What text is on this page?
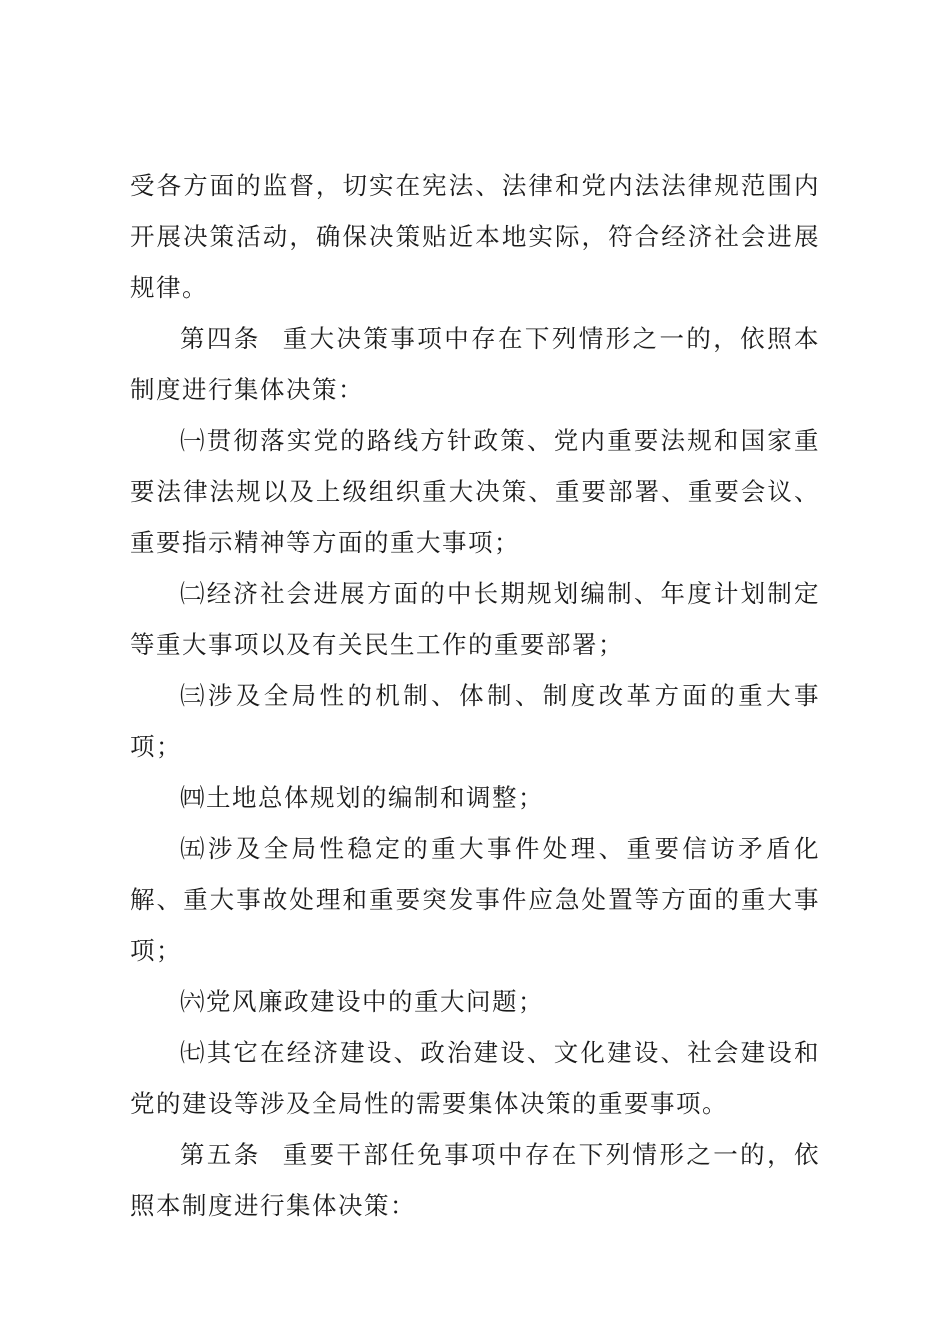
受各方面的监督，切实在宪法、法律和党内法法律规范围内开展决策活动，确保决策贴近本地实际，符合经济社会进展规律。

第四条 重大决策事项中存在下列情形之一的，依照本制度进行集体决策：

㈠贯彻落实党的路线方针政策、党内重要法规和国家重要法律法规以及上级组织重大决策、重要部署、重要会议、重要指示精神等方面的重大事项；

㈡经济社会进展方面的中长期规划编制、年度计划制定等重大事项以及有关民生工作的重要部署；

㈢涉及全局性的机制、体制、制度改革方面的重大事项；

㈣土地总体规划的编制和调整；

㈤涉及全局性稳定的重大事件处理、重要信访矛盾化解、重大事故处理和重要突发事件应急处置等方面的重大事项；

㈥党风廉政建设中的重大问题；

㈦其它在经济建设、政治建设、文化建设、社会建设和党的建设等涉及全局性的需要集体决策的重要事项。

第五条 重要干部任免事项中存在下列情形之一的，依照本制度进行集体决策：
